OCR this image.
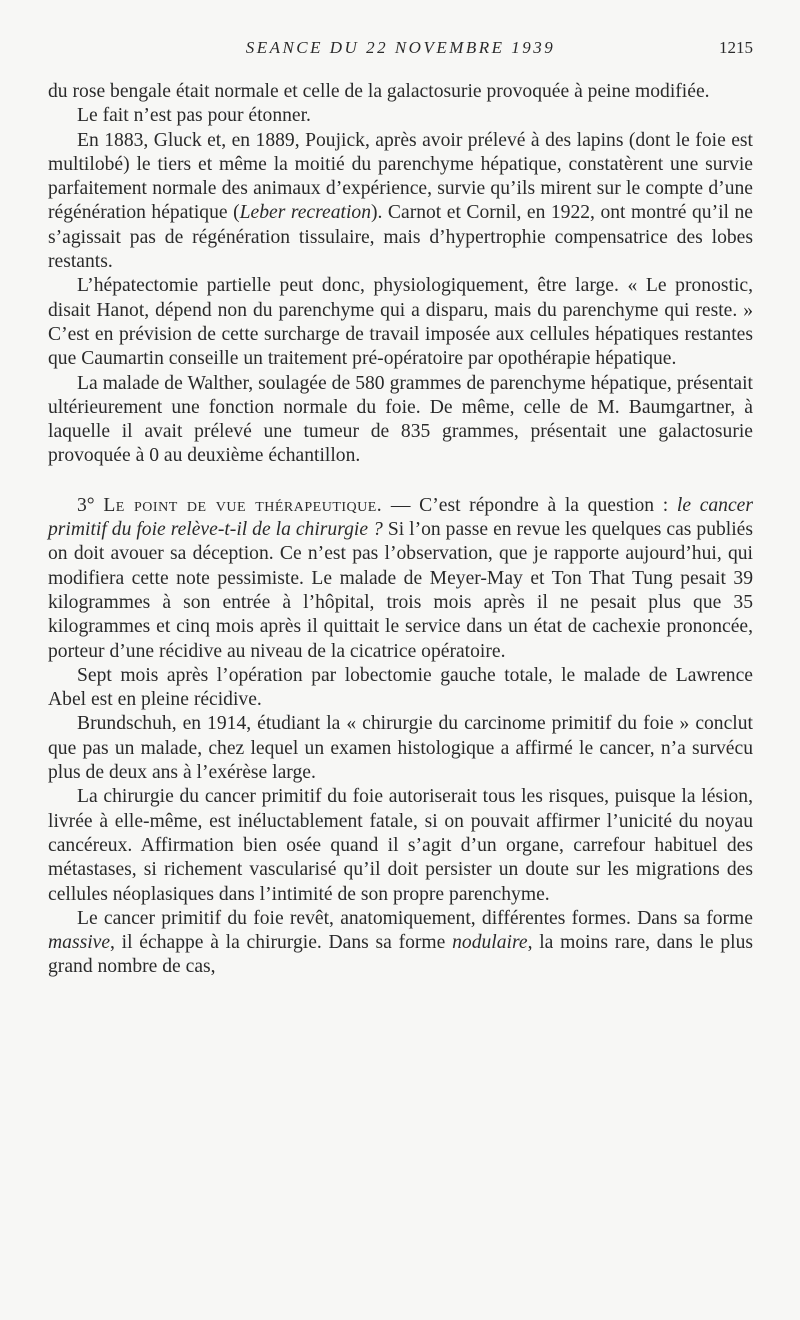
SEANCE DU 22 NOVEMBRE 1939	1215

du rose bengale était normale et celle de la galactosurie provoquée à peine modifiée.

Le fait n’est pas pour étonner.

En 1883, Gluck et, en 1889, Poujick, après avoir prélevé à des lapins (dont le foie est multilobé) le tiers et même la moitié du parenchyme hépatique, constatèrent une survie parfaitement normale des animaux d’expérience, survie qu’ils mirent sur le compte d’une régénération hépatique (Leber recreation). Carnot et Cornil, en 1922, ont montré qu’il ne s’agissait pas de régénération tissulaire, mais d’hypertrophie compensatrice des lobes restants.

L’hépatectomie partielle peut donc, physiologiquement, être large. « Le pronostic, disait Hanot, dépend non du parenchyme qui a disparu, mais du parenchyme qui reste. » C’est en prévision de cette surcharge de travail imposée aux cellules hépatiques restantes que Caumartin conseille un traitement pré-opératoire par opothérapie hépatique.

La malade de Walther, soulagée de 580 grammes de parenchyme hépatique, présentait ultérieurement une fonction normale du foie. De même, celle de M. Baumgartner, à laquelle il avait prélevé une tumeur de 835 grammes, présentait une galactosurie provoquée à 0 au deuxième échantillon.

3° Le point de vue thérapeutique. — C’est répondre à la question : le cancer primitif du foie relève-t-il de la chirurgie ? Si l’on passe en revue les quelques cas publiés on doit avouer sa déception. Ce n’est pas l’observation, que je rapporte aujourd’hui, qui modifiera cette note pessimiste. Le malade de Meyer-May et Ton That Tung pesait 39 kilogrammes à son entrée à l’hôpital, trois mois après il ne pesait plus que 35 kilogrammes et cinq mois après il quittait le service dans un état de cachexie prononcée, porteur d’une récidive au niveau de la cicatrice opératoire.

Sept mois après l’opération par lobectomie gauche totale, le malade de Lawrence Abel est en pleine récidive.

Brundschuh, en 1914, étudiant la « chirurgie du carcinome primitif du foie » conclut que pas un malade, chez lequel un examen histologique a affirmé le cancer, n’a survécu plus de deux ans à l’exérèse large.

La chirurgie du cancer primitif du foie autoriserait tous les risques, puisque la lésion, livrée à elle-même, est inéluctablement fatale, si on pouvait affirmer l’unicité du noyau cancéreux. Affirmation bien osée quand il s’agit d’un organe, carrefour habituel des métastases, si richement vascularisé qu’il doit persister un doute sur les migrations des cellules néoplasiques dans l’intimité de son propre parenchyme.

Le cancer primitif du foie revêt, anatomiquement, différentes formes. Dans sa forme massive, il échappe à la chirurgie. Dans sa forme nodulaire, la moins rare, dans le plus grand nombre de cas,
